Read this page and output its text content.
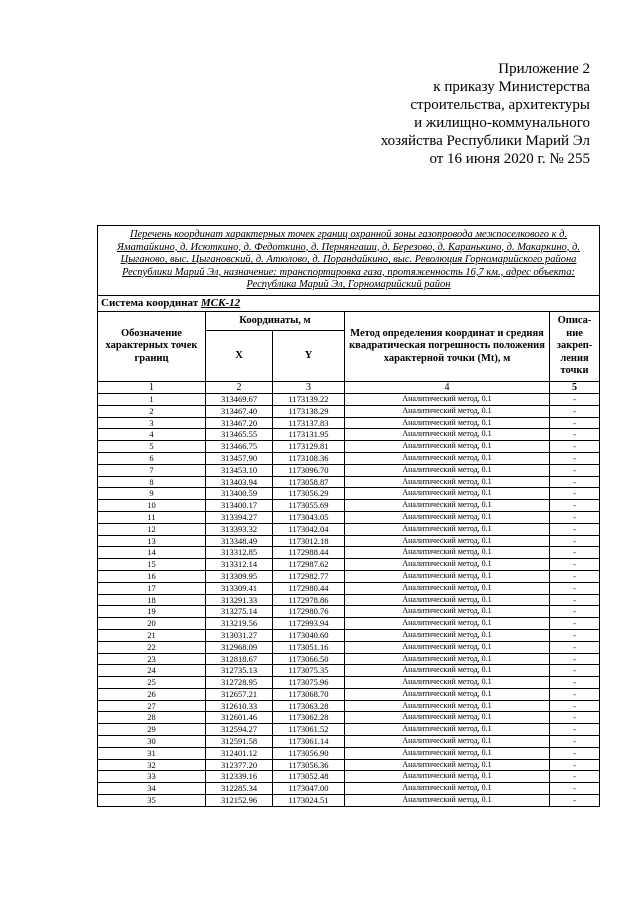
Приложение 2
к приказу Министерства
строительства, архитектуры
и жилищно-коммунального
хозяйства Республики Марий Эл
от 16 июня 2020 г. № 255
Перечень координат характерных точек границ охранной зоны газопровода межпоселкового к д. Яматайкино, д. Исюткино, д. Федоткино, д. Пернянгаши, д. Березово, д. Каранькино, д. Макаркино, д. Цыганово, выс. Цыгановский, д. Атюлово, д. Порандайкино, выс. Революция Горномарийского района Республики Марий Эл, назначение: транспортировка газа, протяженность 16,7 км., адрес объекта: Республика Марий Эл, Горномарийский район				
Система координат МСК-12				
Обозначение характерных точек границ	Координаты, м		Метод определения координат и средняя квадратическая погрешность положения характерной точки (Mt), м	Описа-ние закреп-ления точки
	X	Y		
1	2	3	4	5
1	313469.67	1173139.22	Аналитический метод, 0.1	-
2	313467.40	1173138.29	Аналитический метод, 0.1	-
3	313467.20	1173137.83	Аналитический метод, 0.1	-
4	313465.55	1173131.95	Аналитический метод, 0.1	-
5	313466.75	1173129.81	Аналитический метод, 0.1	-
6	313457.90	1173108.36	Аналитический метод, 0.1	-
7	313453.10	1173096.70	Аналитический метод, 0.1	-
8	313403.94	1173058.87	Аналитический метод, 0.1	-
9	313400.59	1173056.29	Аналитический метод, 0.1	-
10	313400.17	1173055.69	Аналитический метод, 0.1	-
11	313394.27	1173043.05	Аналитический метод, 0.1	-
12	313393.32	1173042.04	Аналитический метод, 0.1	-
13	313348.49	1173012.18	Аналитический метод, 0.1	-
14	313312.85	1172988.44	Аналитический метод, 0.1	-
15	313312.14	1172987.62	Аналитический метод, 0.1	-
16	313309.95	1172982.77	Аналитический метод, 0.1	-
17	313309.41	1172980.44	Аналитический метод, 0.1	-
18	313291.33	1172978.86	Аналитический метод, 0.1	-
19	313275.14	1172980.76	Аналитический метод, 0.1	-
20	313219.56	1172993.94	Аналитический метод, 0.1	-
21	313031.27	1173040.60	Аналитический метод, 0.1	-
22	312968.09	1173051.16	Аналитический метод, 0.1	-
23	312818.67	1173066.50	Аналитический метод, 0.1	-
24	312735.13	1173075.35	Аналитический метод, 0.1	-
25	312728.95	1173075.96	Аналитический метод, 0.1	-
26	312657.21	1173068.70	Аналитический метод, 0.1	-
27	312610.33	1173063.28	Аналитический метод, 0.1	-
28	312601.46	1173062.28	Аналитический метод, 0.1	-
29	312594.27	1173061.52	Аналитический метод, 0.1	-
30	312591.58	1173061.14	Аналитический метод, 0.1	-
31	312401.12	1173056.90	Аналитический метод, 0.1	-
32	312377.20	1173056.36	Аналитический метод, 0.1	-
33	312339.16	1173052.48	Аналитический метод, 0.1	-
34	312285.34	1173047.00	Аналитический метод, 0.1	-
35	312152.96	1173024.51	Аналитический метод, 0.1	-
